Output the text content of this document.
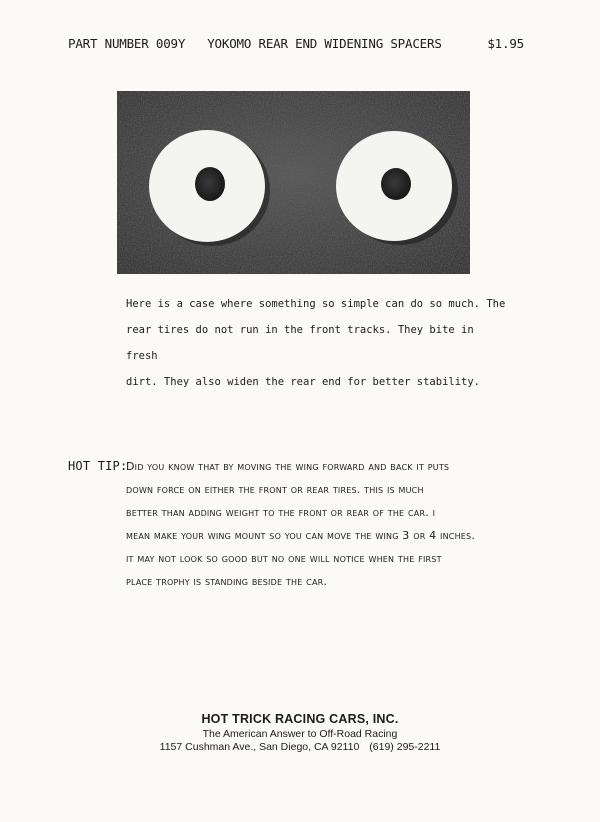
PART NUMBER 009Y YOKOMO REAR END WIDENING SPACERS	$1.95
Here is a case where something so simple can do so much. The
rear tires do not run in the front tracks. They bite in fresh
dirt. They also widen the rear end for better stability.
HOT TIP:
Did you know that by moving the wing forward and back it puts
down force on either the front or rear tires. this is much
better than adding weight to the front or rear of the car. i
mean make your wing mount so you can move the wing 3 or 4 inches.
it may not look so good but no one will notice when the first
place trophy is standing beside the car.
HOT TRICK RACING CARS, INC.
The American Answer to Off-Road Racing
1157 Cushman Ave., San Diego, CA 92110 (619) 295-2211
